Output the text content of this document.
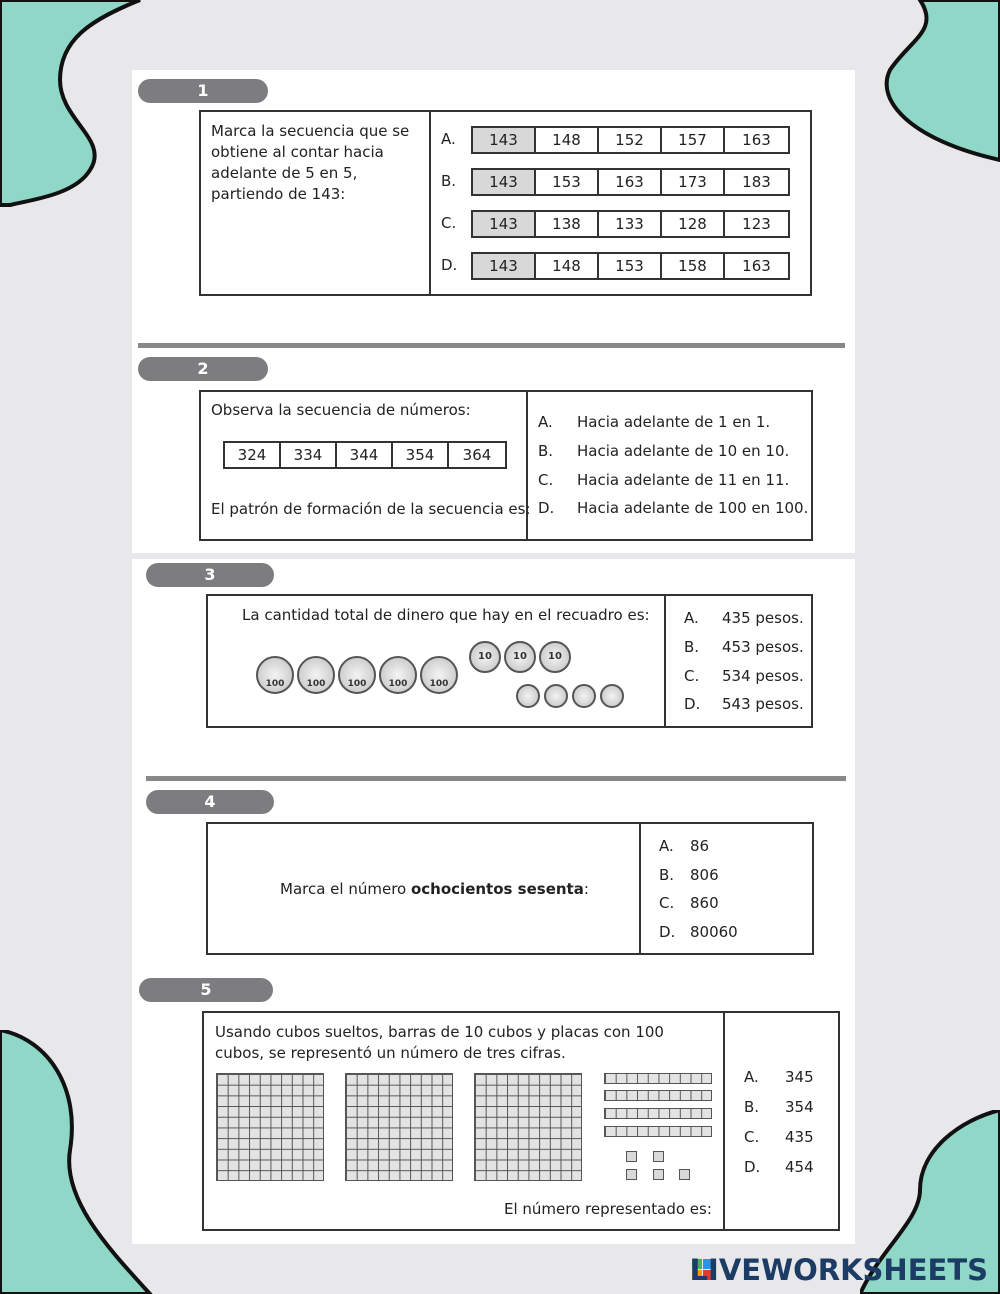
1
Marca la secuencia que se obtiene al contar hacia adelante de 5 en 5, partiendo de 143:
A.	143	148	152	157	163
B.	143	153	163	173	183
C.	143	138	133	128	123
D.	143	148	153	158	163
2
Observa la secuencia de números:
El patrón de formación de la secuencia es:
324	334	344	354	364
A. Hacia adelante de 1 en 1.
B. Hacia adelante de 10 en 10.
C. Hacia adelante de 11 en 11.
D. Hacia adelante de 100 en 100.
3
La cantidad total de dinero que hay en el recuadro es:
100	100	100	100	100
10	10	10
A. 435 pesos.
B. 453 pesos.
C. 534 pesos.
D. 543 pesos.
4
Marca el número ochocientos sesenta:
A. 86
B. 806
C. 860
D. 80060
5
Usando cubos sueltos, barras de 10 cubos y placas con 100 cubos, se representó un número de tres cifras.
El número representado es:
A. 345
B. 354
C. 435
D. 454
LIVEWORKSHEETS
